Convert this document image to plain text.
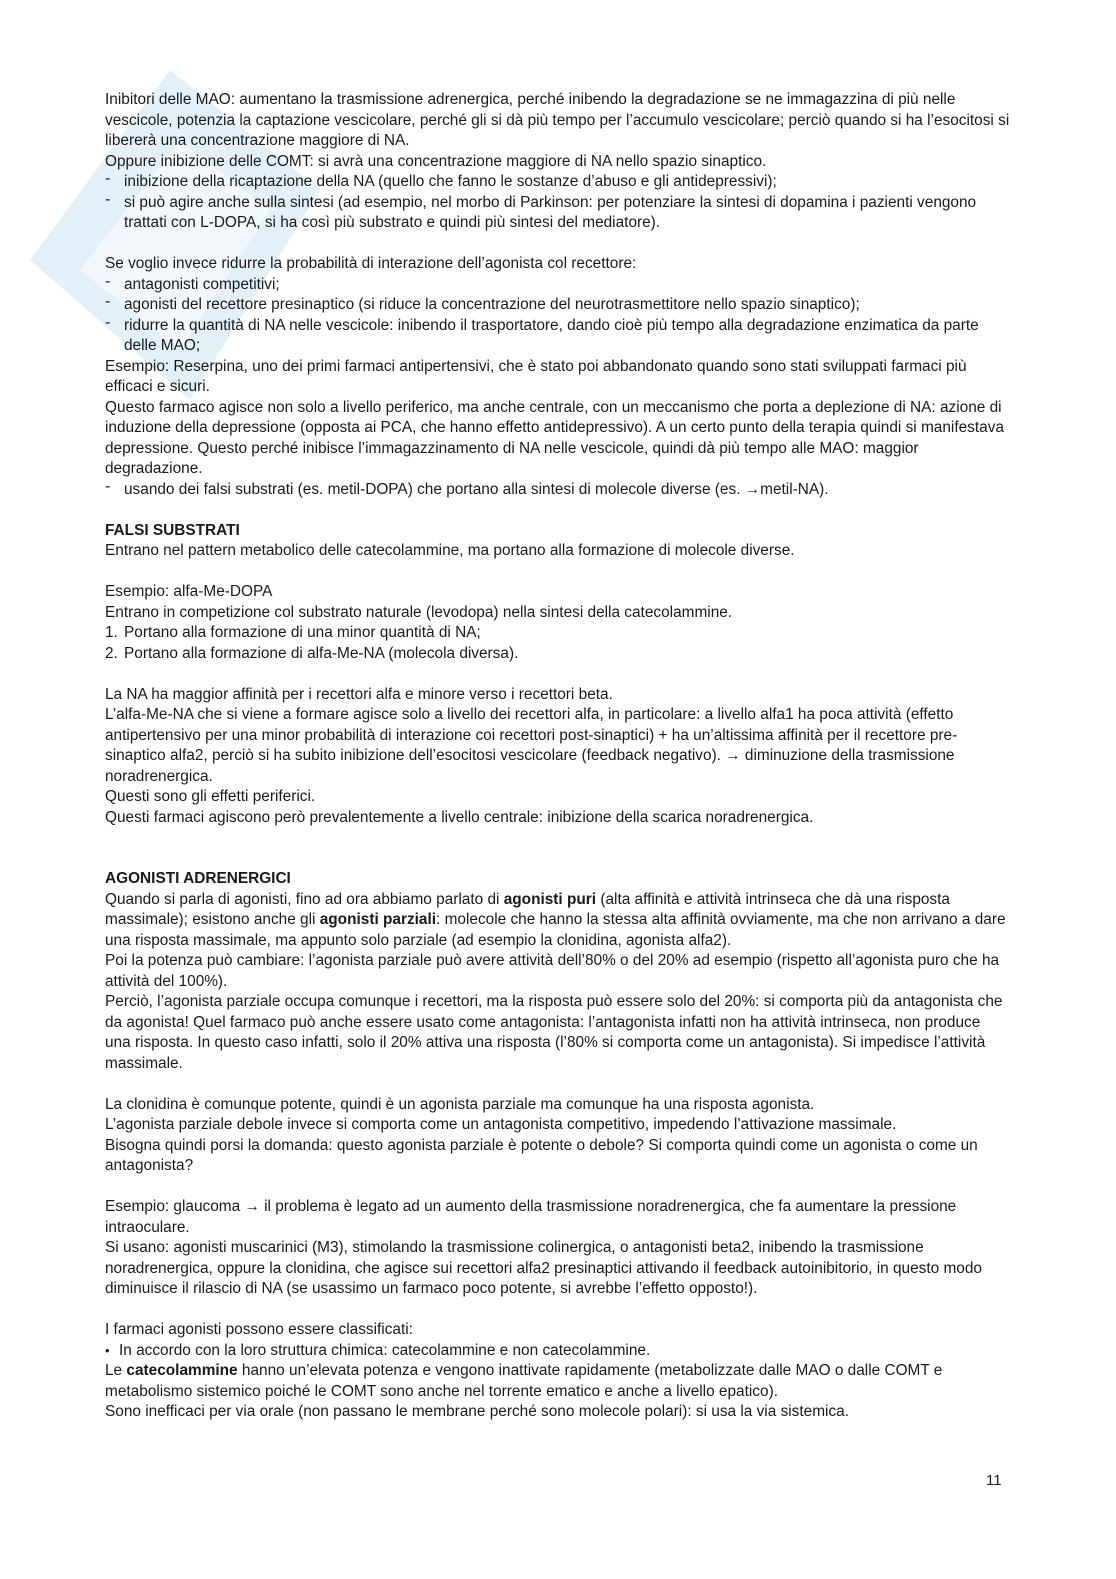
Inibitori delle MAO: aumentano la trasmissione adrenergica, perché inibendo la degradazione se ne immagazzina di più nelle vescicole, potenzia la captazione vescicolare, perché gli si dà più tempo per l’accumulo vescicolare; perciò quando si ha l’esocitosi si libererà una concentrazione maggiore di NA.

Oppure inibizione delle COMT: si avrà una concentrazione maggiore di NA nello spazio sinaptico.

- inibizione della ricaptazione della NA (quello che fanno le sostanze d’abuso e gli antidepressivi);

- si può agire anche sulla sintesi (ad esempio, nel morbo di Parkinson: per potenziare la sintesi di dopamina i pazienti vengono trattati con L-DOPA, si ha così più substrato e quindi più sintesi del mediatore).

Se voglio invece ridurre la probabilità di interazione dell’agonista col recettore:

- antagonisti competitivi;

- agonisti del recettore presinaptico (si riduce la concentrazione del neurotrasmettitore nello spazio sinaptico);

- ridurre la quantità di NA nelle vescicole: inibendo il trasportatore, dando cioè più tempo alla degradazione enzimatica da parte delle MAO;

Esempio: Reserpina, uno dei primi farmaci antipertensivi, che è stato poi abbandonato quando sono stati sviluppati farmaci più efficaci e sicuri.

Questo farmaco agisce non solo a livello periferico, ma anche centrale, con un meccanismo che porta a deplezione di NA: azione di induzione della depressione (opposta ai PCA, che hanno effetto antidepressivo). A un certo punto della terapia quindi si manifestava depressione. Questo perché inibisce l’immagazzinamento di NA nelle vescicole, quindi dà più tempo alle MAO: maggior degradazione.

- usando dei falsi substrati (es. metil-DOPA) che portano alla sintesi di molecole diverse (es. →metil-NA).

FALSI SUBSTRATI

Entrano nel pattern metabolico delle catecolammine, ma portano alla formazione di molecole diverse.

Esempio: alfa-Me-DOPA

Entrano in competizione col substrato naturale (levodopa) nella sintesi della catecolammine.

1. Portano alla formazione di una minor quantità di NA;

2. Portano alla formazione di alfa-Me-NA (molecola diversa).

La NA ha maggior affinità per i recettori alfa e minore verso i recettori beta.

L’alfa-Me-NA che si viene a formare agisce solo a livello dei recettori alfa, in particolare: a livello alfa1 ha poca attività (effetto antipertensivo per una minor probabilità di interazione coi recettori post-sinaptici) + ha un’altissima affinità per il recettore pre-sinaptico alfa2, perciò si ha subito inibizione dell’esocitosi vescicolare (feedback negativo). → diminuzione della trasmissione noradrenergica.

Questi sono gli effetti periferici.

Questi farmaci agiscono però prevalentemente a livello centrale: inibizione della scarica noradrenergica.

AGONISTI ADRENERGICI

Quando si parla di agonisti, fino ad ora abbiamo parlato di agonisti puri (alta affinità e attività intrinseca che dà una risposta massimale); esistono anche gli agonisti parziali: molecole che hanno la stessa alta affinità ovviamente, ma che non arrivano a dare una risposta massimale, ma appunto solo parziale (ad esempio la clonidina, agonista alfa2).

Poi la potenza può cambiare: l’agonista parziale può avere attività dell’80% o del 20% ad esempio (rispetto all’agonista puro che ha attività del 100%).

Perciò, l’agonista parziale occupa comunque i recettori, ma la risposta può essere solo del 20%: si comporta più da antagonista che da agonista! Quel farmaco può anche essere usato come antagonista: l’antagonista infatti non ha attività intrinseca, non produce una risposta. In questo caso infatti, solo il 20% attiva una risposta (l’80% si comporta come un antagonista). Si impedisce l’attività massimale.

La clonidina è comunque potente, quindi è un agonista parziale ma comunque ha una risposta agonista.

L’agonista parziale debole invece si comporta come un antagonista competitivo, impedendo l’attivazione massimale.

Bisogna quindi porsi la domanda: questo agonista parziale è potente o debole? Si comporta quindi come un agonista o come un antagonista?

Esempio: glaucoma → il problema è legato ad un aumento della trasmissione noradrenergica, che fa aumentare la pressione intraoculare.

Si usano: agonisti muscarinici (M3), stimolando la trasmissione colinergica, o antagonisti beta2, inibendo la trasmissione noradrenergica, oppure la clonidina, che agisce sui recettori alfa2 presinaptici attivando il feedback autoinibitorio, in questo modo diminuisce il rilascio di NA (se usassimo un farmaco poco potente, si avrebbe l’effetto opposto!).

I farmaci agonisti possono essere classificati:

• In accordo con la loro struttura chimica: catecolammine e non catecolammine.

Le catecolammine hanno un’elevata potenza e vengono inattivate rapidamente (metabolizzate dalle MAO o dalle COMT e metabolismo sistemico poiché le COMT sono anche nel torrente ematico e anche a livello epatico).

Sono inefficaci per via orale (non passano le membrane perché sono molecole polari): si usa la via sistemica.

11
